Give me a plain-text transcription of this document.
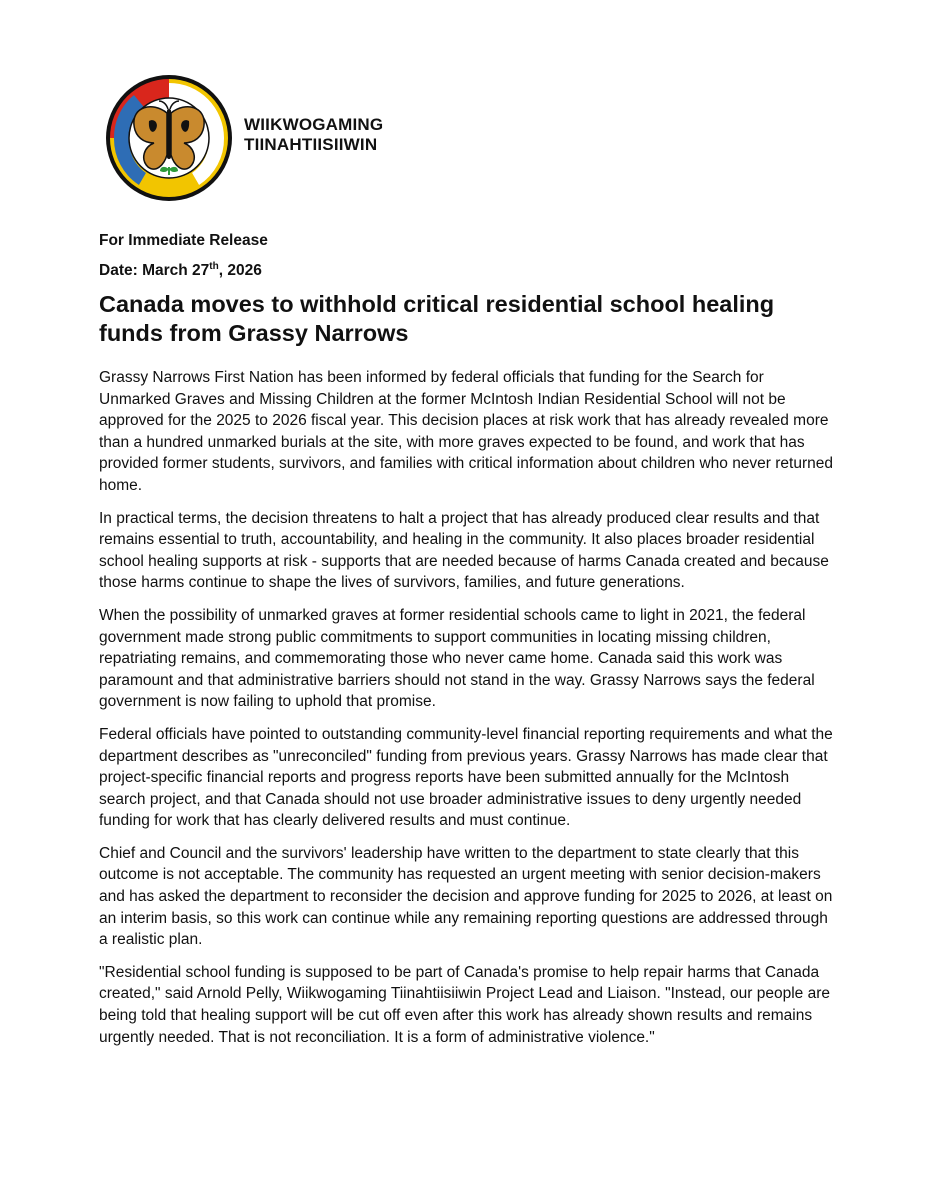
WIIKWOGAMING
TIINAHTIISIIWIN
For Immediate Release
Date: March 27th, 2026
Canada moves to withhold critical residential school healing funds from Grassy Narrows

Grassy Narrows First Nation has been informed by federal officials that funding for the Search for Unmarked Graves and Missing Children at the former McIntosh Indian Residential School will not be approved for the 2025 to 2026 fiscal year. This decision places at risk work that has already revealed more than a hundred unmarked burials at the site, with more graves expected to be found, and work that has provided former students, survivors, and families with critical information about children who never returned home.

In practical terms, the decision threatens to halt a project that has already produced clear results and that remains essential to truth, accountability, and healing in the community. It also places broader residential school healing supports at risk - supports that are needed because of harms Canada created and because those harms continue to shape the lives of survivors, families, and future generations.

When the possibility of unmarked graves at former residential schools came to light in 2021, the federal government made strong public commitments to support communities in locating missing children, repatriating remains, and commemorating those who never came home. Canada said this work was paramount and that administrative barriers should not stand in the way. Grassy Narrows says the federal government is now failing to uphold that promise.

Federal officials have pointed to outstanding community-level financial reporting requirements and what the department describes as "unreconciled" funding from previous years. Grassy Narrows has made clear that project-specific financial reports and progress reports have been submitted annually for the McIntosh search project, and that Canada should not use broader administrative issues to deny urgently needed funding for work that has clearly delivered results and must continue.

Chief and Council and the survivors' leadership have written to the department to state clearly that this outcome is not acceptable. The community has requested an urgent meeting with senior decision-makers and has asked the department to reconsider the decision and approve funding for 2025 to 2026, at least on an interim basis, so this work can continue while any remaining reporting questions are addressed through a realistic plan.

"Residential school funding is supposed to be part of Canada's promise to help repair harms that Canada created," said Arnold Pelly, Wiikwogaming Tiinahtiisiiwin Project Lead and Liaison. "Instead, our people are being told that healing support will be cut off even after this work has already shown results and remains urgently needed. That is not reconciliation. It is a form of administrative violence."
